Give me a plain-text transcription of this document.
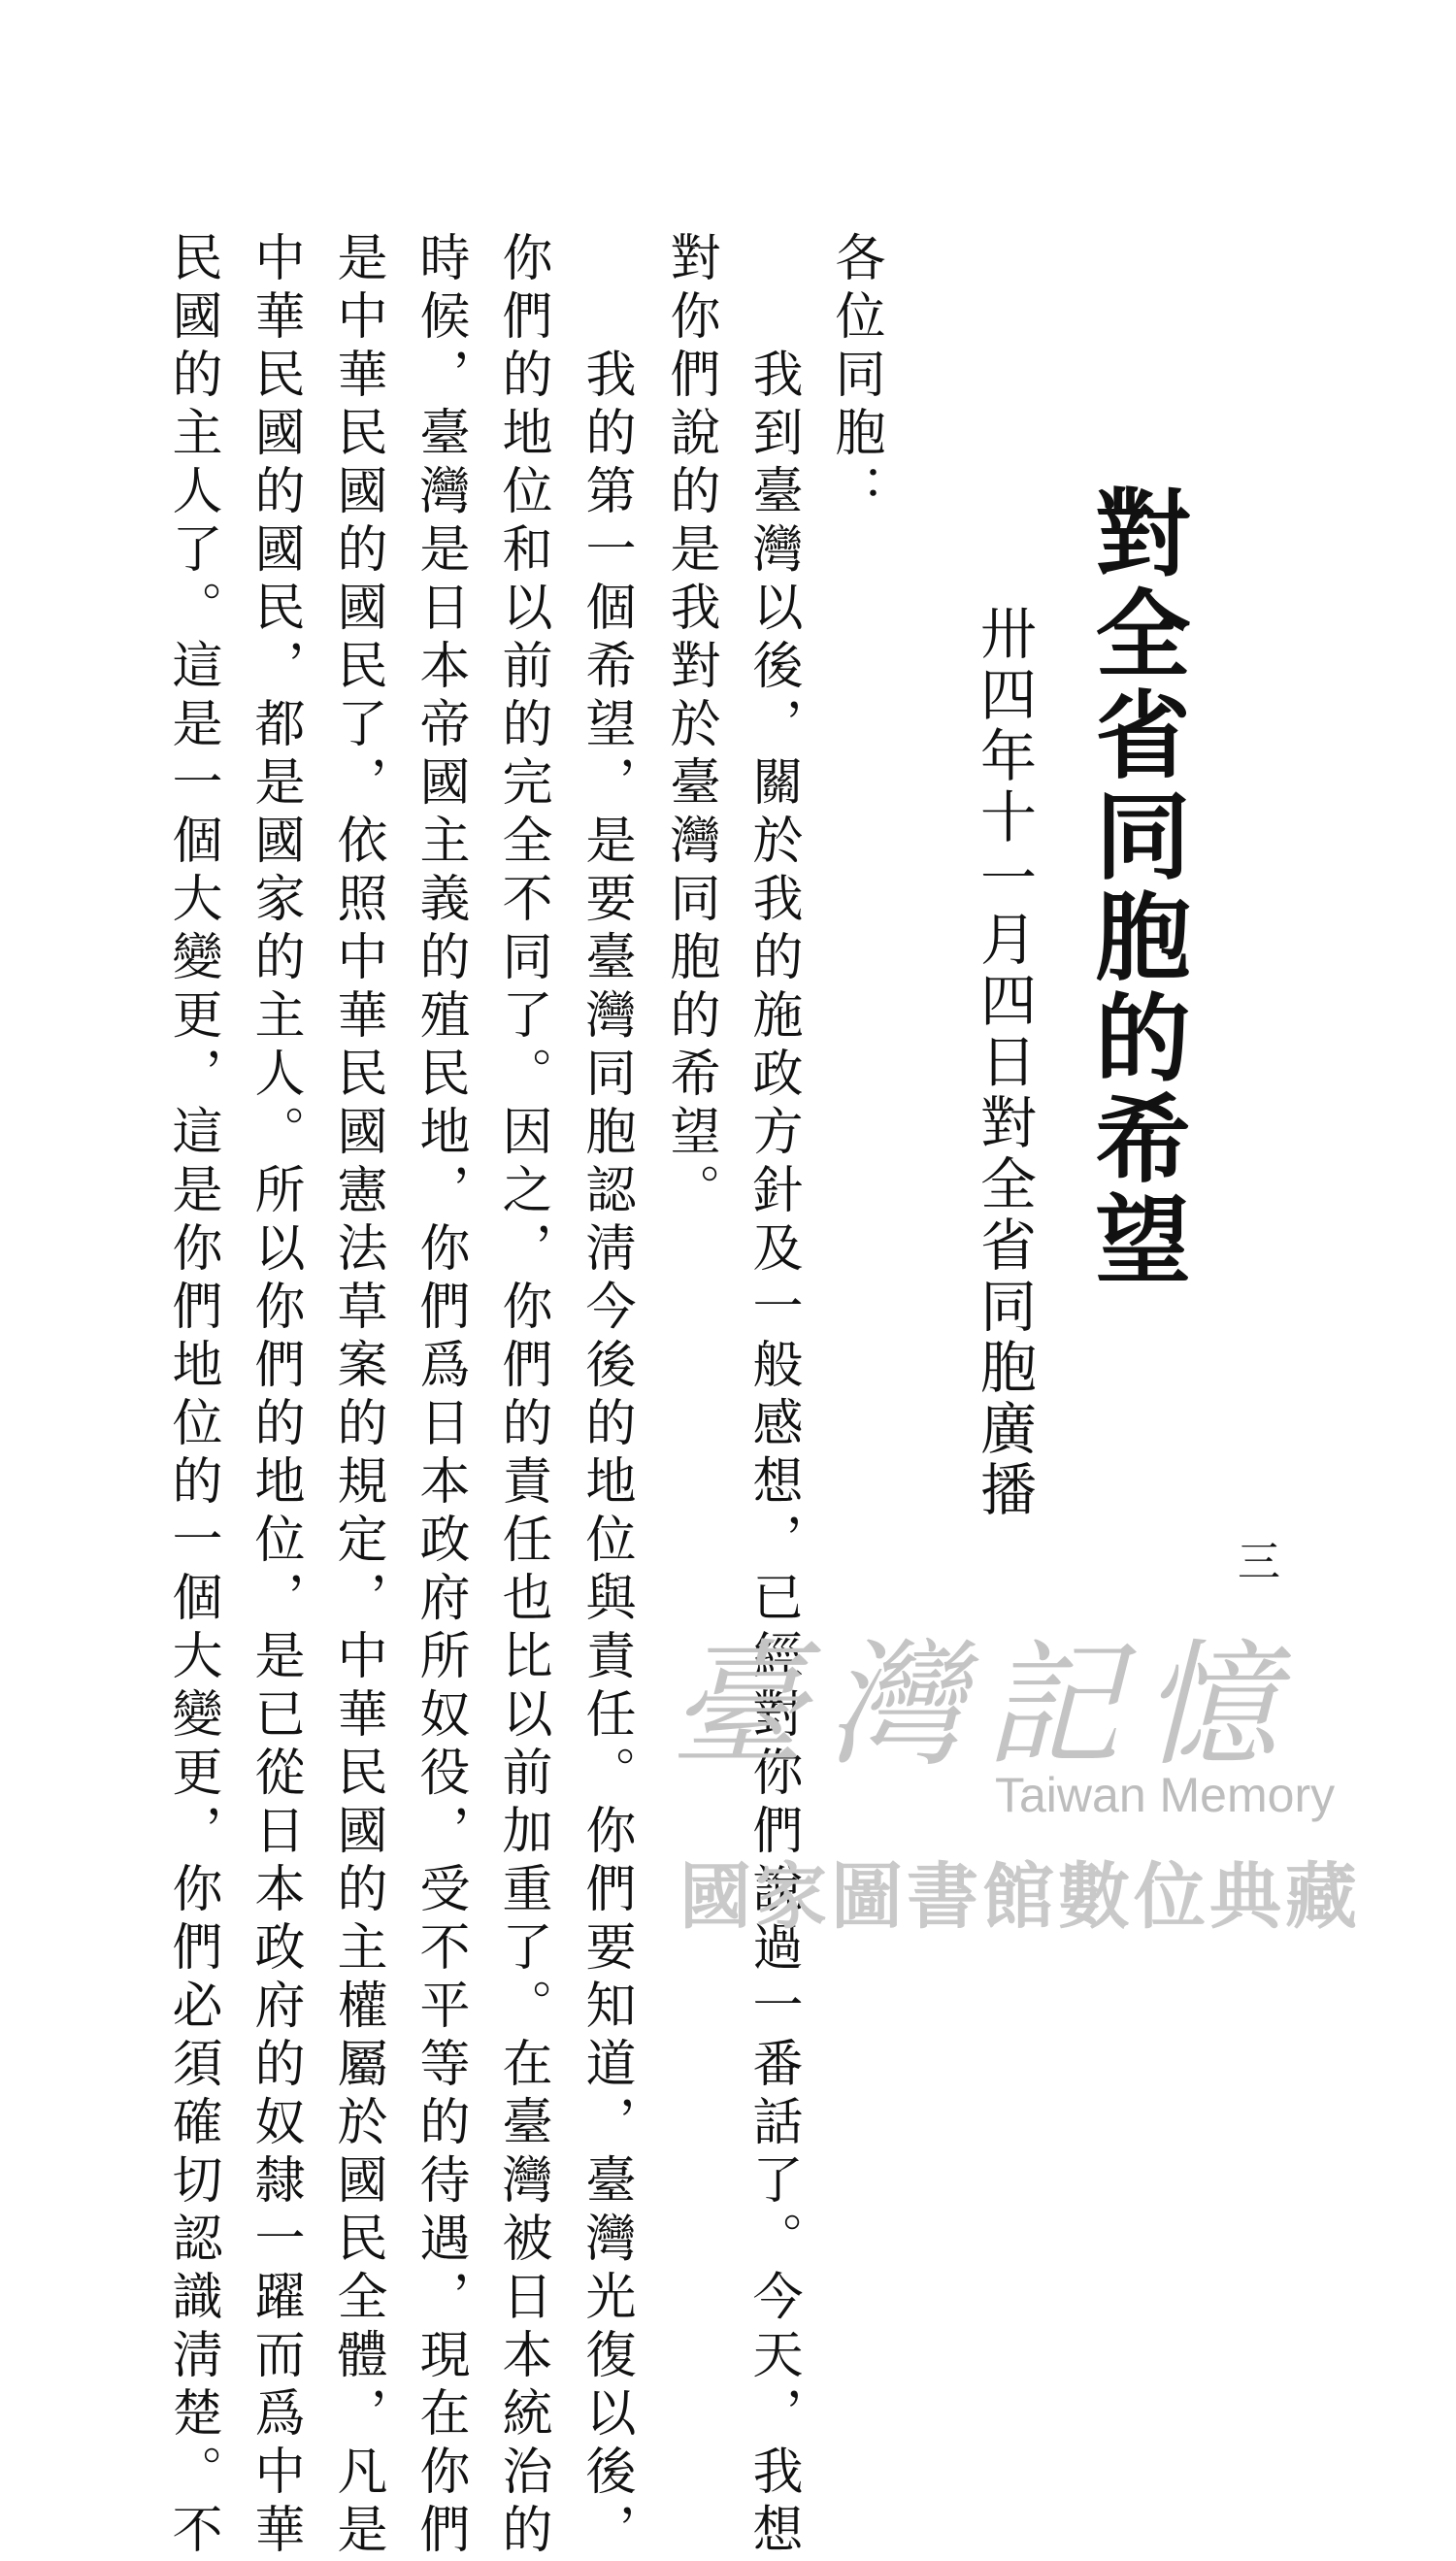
對全省同胞的希望
卅四年十一月四日對全省同胞廣播
三
各位同胞：
　　我到臺灣以後，關於我的施政方針及一般感想，已經對你們說過一番話了。今天，我想
對你們說的是我對於臺灣同胞的希望。
　　我的第一個希望，是要臺灣同胞認淸今後的地位與責任。你們要知道，臺灣光復以後，
你們的地位和以前的完全不同了。因之，你們的責任也比以前加重了。在臺灣被日本統治的
時候，臺灣是日本帝國主義的殖民地，你們爲日本政府所奴役，受不平等的待遇，現在你們
是中華民國的國民了，依照中華民國憲法草案的規定，中華民國的主權屬於國民全體，凡是
中華民國的國民，都是國家的主人。所以你們的地位，是已從日本政府的奴隸一躍而爲中華
民國的主人了。這是一個大變更，這是你們地位的一個大變更，你們必須確切認識淸楚。不	臺灣記憶
Taiwan Memory
國家圖書館數位典藏
